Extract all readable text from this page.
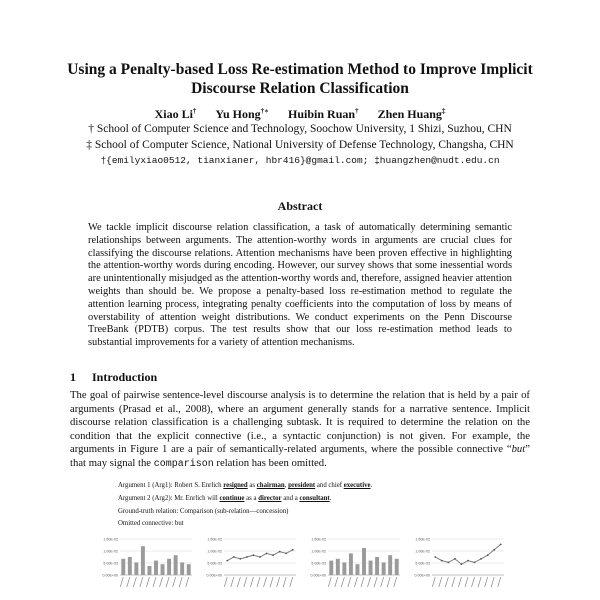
Using a Penalty-based Loss Re-estimation Method to Improve Implicit
Discourse Relation Classification
Xiao Li† Yu Hong†∗ Huibin Ruan† Zhen Huang‡
† School of Computer Science and Technology, Soochow University, 1 Shizi, Suzhou, CHN
‡ School of Computer Science, National University of Defense Technology, Changsha, CHN
†{emilyxiao0512, tianxianer, hbr416}@gmail.com; ‡huangzhen@nudt.edu.cn
Abstract

We tackle implicit discourse relation classification, a task of automatically determining semantic relationships between arguments. The attention-worthy words in arguments are crucial clues for classifying the discourse relations. Attention mechanisms have been proven effective in highlighting the attention-worthy words during encoding. However, our survey shows that some inessential words are unintentionally misjudged as the attention-worthy words and, therefore, assigned heavier attention weights than should be. We propose a penalty-based loss re-estimation method to regulate the attention learning process, integrating penalty coefficients into the computation of loss by means of overstability of attention weight distributions. We conduct experiments on the Penn Discourse TreeBank (PDTB) corpus. The test results show that our loss re-estimation method leads to substantial improvements for a variety of attention mechanisms.

1 Introduction

The goal of pairwise sentence-level discourse analysis is to determine the relation that is held by a pair of arguments (Prasad et al., 2008), where an argument generally stands for a narrative sentence. Implicit discourse relation classification is a challenging subtask. It is required to determine the relation on the condition that the explicit connective (i.e., a syntactic conjunction) is not given. For example, the arguments in Figure 1 are a pair of semantically-related arguments, where the possible connective “but” that may signal the comparison relation has been omitted.

Argument 1 (Arg1): Robert S. Enrlich resigned as chairman, president and chief executive.
Argument 2 (Arg2): Mr. Enrlich will continue as a director and a consultant.
Ground-truth relation: Comparison (sub-relation—concession)
Omitted connective: but
1.50E-02
1.00E-02
5.00E-03
0.00E+00
1.50E-02
1.00E-02
5.00E-03
0.00E+00
1.50E-02
1.00E-02
5.00E-03
0.00E+00
1.50E-02
1.00E-02
5.00E-03
0.00E+00
